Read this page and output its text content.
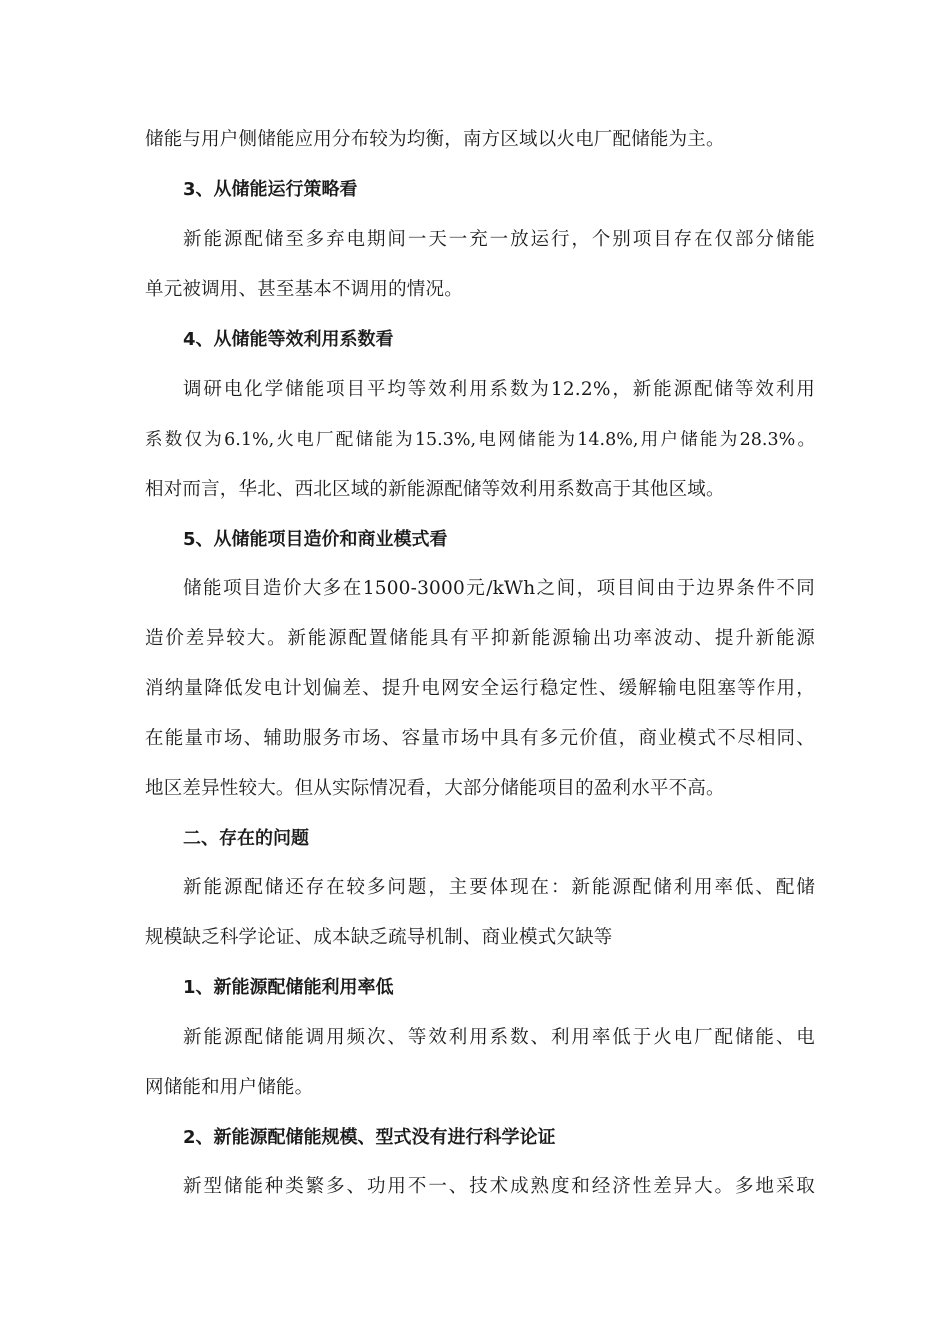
储能与用户侧储能应用分布较为均衡，南方区域以火电厂配储能为主。
3、从储能运行策略看
新能源配储至多弃电期间一天一充一放运行，个别项目存在仅部分储能
单元被调用、甚至基本不调用的情况。
4、从储能等效利用系数看
调研电化学储能项目平均等效利用系数为12.2%，新能源配储等效利用
系数仅为6.1%,火电厂配储能为15.3%,电网储能为14.8%,用户储能为28.3%。
相对而言，华北、西北区域的新能源配储等效利用系数高于其他区域。
5、从储能项目造价和商业模式看
储能项目造价大多在1500-3000元/kWh之间，项目间由于边界条件不同
造价差异较大。新能源配置储能具有平抑新能源输出功率波动、提升新能源
消纳量降低发电计划偏差、提升电网安全运行稳定性、缓解输电阻塞等作用，
在能量市场、辅助服务市场、容量市场中具有多元价值，商业模式不尽相同、
地区差异性较大。但从实际情况看，大部分储能项目的盈利水平不高。
二、存在的问题
新能源配储还存在较多问题，主要体现在：新能源配储利用率低、配储
规模缺乏科学论证、成本缺乏疏导机制、商业模式欠缺等
1、新能源配储能利用率低
新能源配储能调用频次、等效利用系数、利用率低于火电厂配储能、电
网储能和用户储能。
2、新能源配储能规模、型式没有进行科学论证
新型储能种类繁多、功用不一、技术成熟度和经济性差异大。多地采取
